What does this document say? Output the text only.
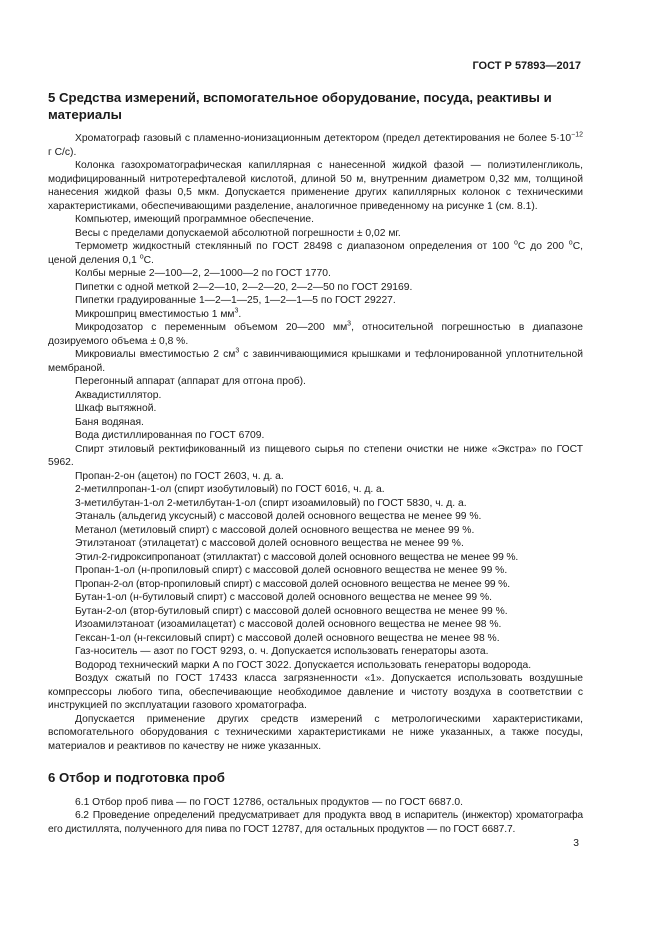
ГОСТ Р 57893—2017
5 Средства измерений, вспомогательное оборудование, посуда, реактивы и материалы

Хроматограф газовый с пламенно-ионизационным детектором (предел детектирования не более $5\cdot 10^{-12}$ г С/с).

Колонка газохроматографическая капиллярная с нанесенной жидкой фазой — полиэтиленгликоль, модифицированный нитротерефталевой кислотой, длиной 50 м, внутренним диаметром 0,32 мм, толщиной нанесения жидкой фазы 0,5 мкм. Допускается применение других капиллярных колонок с техническими характеристиками, обеспечивающими разделение, аналогичное приведенному на рисунке 1 (см. 8.1).

Компьютер, имеющий программное обеспечение.

Весы с пределами допускаемой абсолютной погрешности ± 0,02 мг.

Термометр жидкостный стеклянный по ГОСТ 28498 с диапазоном определения от 100 $^o$С до 200 $^o$С, ценой деления 0,1 $^o$С.

Колбы мерные 2—100—2, 2—1000—2 по ГОСТ 1770.

Пипетки с одной меткой 2—2—10, 2—2—20, 2—2—50 по ГОСТ 29169.

Пипетки градуированные 1—2—1—25, 1—2—1—5 по ГОСТ 29227.

Микрошприц вместимостью 1 $мм^3$.

Микродозатор с переменным объемом 20—200 $мм^3$, относительной погрешностью в диапазоне дозируемого объема ± 0,8 %.

Микровиалы вместимостью 2 $см^3$ с завинчивающимися крышками и тефлонированной уплотнительной мембраной.

Перегонный аппарат (аппарат для отгона проб).

Аквадистиллятор.

Шкаф вытяжной.

Баня водяная.

Вода дистиллированная по ГОСТ 6709.

Спирт этиловый ректификованный из пищевого сырья по степени очистки не ниже «Экстра» по ГОСТ 5962.

Пропан-2-он (ацетон) по ГОСТ 2603, ч. д. а.

2-метилпропан-1-ол (спирт изобутиловый) по ГОСТ 6016, ч. д. а.

3-метилбутан-1-ол 2-метилбутан-1-ол (спирт изоамиловый) по ГОСТ 5830, ч. д. а.

Этаналь (альдегид уксусный) с массовой долей основного вещества не менее 99 %.

Метанол (метиловый спирт) с массовой долей основного вещества не менее 99 %.

Этилэтаноат (этилацетат) с массовой долей основного вещества не менее 99 %.

Этил-2-гидроксипропаноат (этиллактат) с массовой долей основного вещества не менее 99 %.

Пропан-1-ол (н-пропиловый спирт) с массовой долей основного вещества не менее 99 %.

Пропан-2-ол (втор-пропиловый спирт) с массовой долей основного вещества не менее 99 %.

Бутан-1-ол (н-бутиловый спирт) с массовой долей основного вещества не менее 99 %.

Бутан-2-ол (втор-бутиловый спирт) с массовой долей основного вещества не менее 99 %.

Изоамилэтаноат (изоамилацетат) с массовой долей основного вещества не менее 98 %.

Гексан-1-ол (н-гексиловый спирт) с массовой долей основного вещества не менее 98 %.

Газ-носитель — азот по ГОСТ 9293, о. ч. Допускается использовать генераторы азота.

Водород технический марки А по ГОСТ 3022. Допускается использовать генераторы водорода.

Воздух сжатый по ГОСТ 17433 класса загрязненности «1». Допускается использовать воздушные компрессоры любого типа, обеспечивающие необходимое давление и чистоту воздуха в соответствии с инструкцией по эксплуатации газового хроматографа.

Допускается применение других средств измерений с метрологическими характеристиками, вспомогательного оборудования с техническими характеристиками не ниже указанных, а также посуды, материалов и реактивов по качеству не ниже указанных.

6 Отбор и подготовка проб

6.1 Отбор проб пива — по ГОСТ 12786, остальных продуктов — по ГОСТ 6687.0.

6.2 Проведение определений предусматривает для продукта ввод в испаритель (инжектор) хроматографа его дистиллята, полученного для пива по ГОСТ 12787, для остальных продуктов — по ГОСТ 6687.7.

3
